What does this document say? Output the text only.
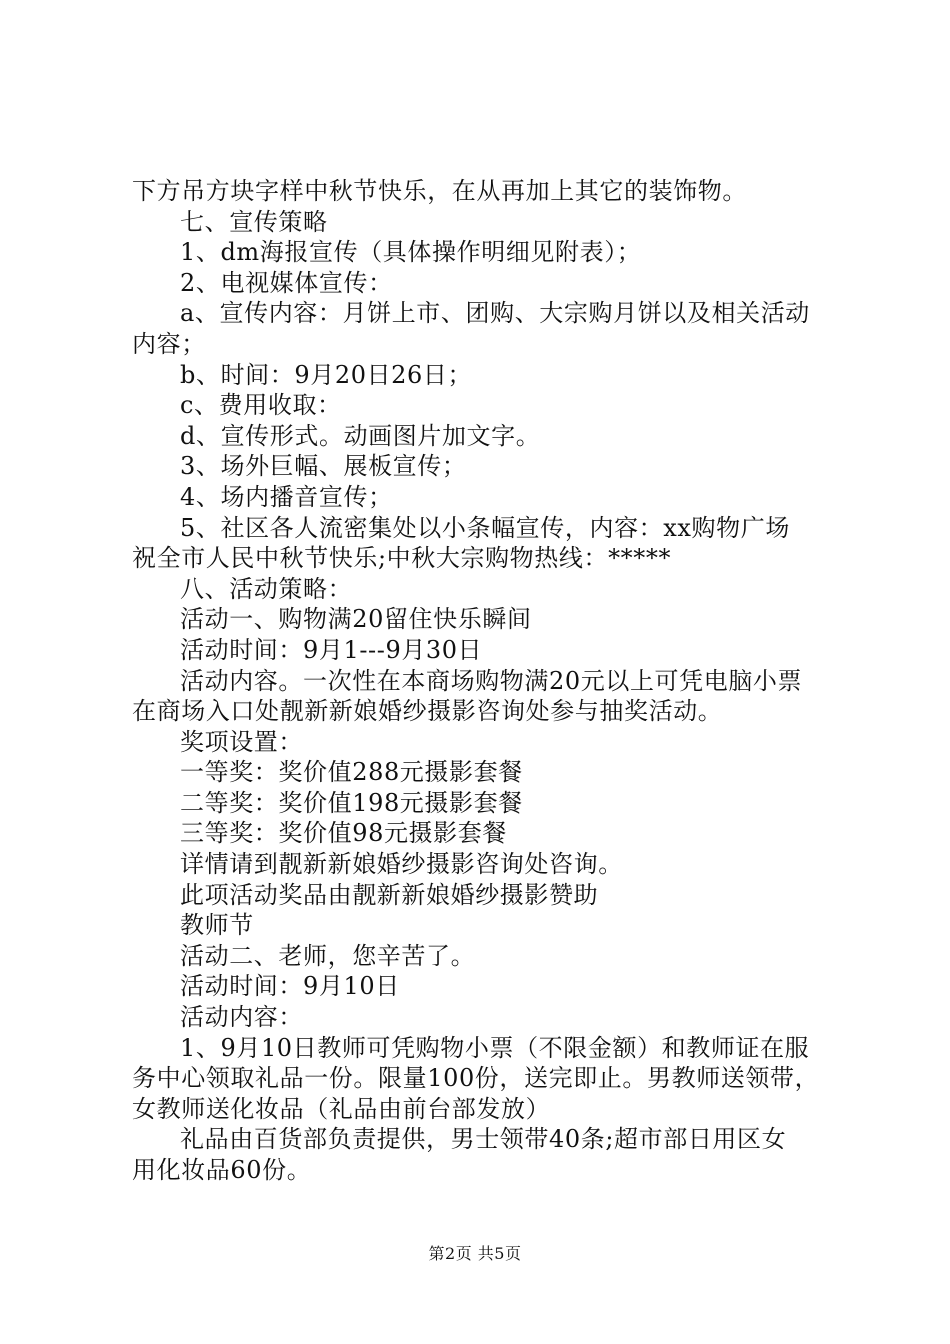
下方吊方块字样中秋节快乐，在从再加上其它的装饰物。
七、宣传策略
1、dm海报宣传（具体操作明细见附表）；
2、电视媒体宣传：
a、宣传内容：月饼上市、团购、大宗购月饼以及相关活动
内容；
b、时间：9月20日26日；
c、费用收取：
d、宣传形式。动画图片加文字。
3、场外巨幅、展板宣传；
4、场内播音宣传；
5、社区各人流密集处以小条幅宣传，内容：xx购物广场
祝全市人民中秋节快乐;中秋大宗购物热线：*****
八、活动策略：
活动一、购物满20留住快乐瞬间
活动时间：9月1---9月30日
活动内容。一次性在本商场购物满20元以上可凭电脑小票
在商场入口处靓新新娘婚纱摄影咨询处参与抽奖活动。
奖项设置：
一等奖：奖价值288元摄影套餐
二等奖：奖价值198元摄影套餐
三等奖：奖价值98元摄影套餐
详情请到靓新新娘婚纱摄影咨询处咨询。
此项活动奖品由靓新新娘婚纱摄影赞助
教师节
活动二、老师，您辛苦了。
活动时间：9月10日
活动内容：
1、9月10日教师可凭购物小票（不限金额）和教师证在服
务中心领取礼品一份。限量100份，送完即止。男教师送领带，
女教师送化妆品（礼品由前台部发放）
礼品由百货部负责提供，男士领带40条;超市部日用区女
用化妆品60份。
第2页 共5页
